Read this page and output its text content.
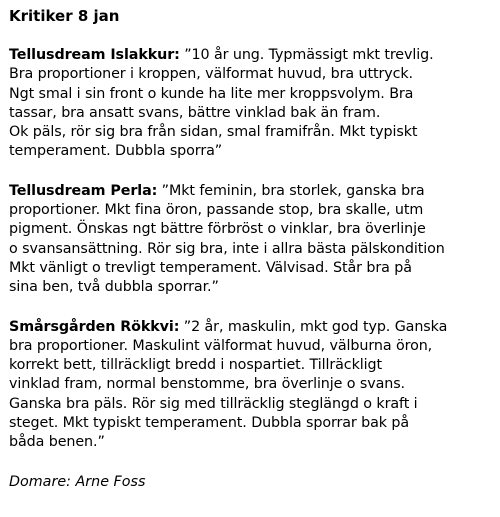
Kritiker 8 jan
Tellusdream Islakkur: ”10 år ung. Typmässigt mkt trevlig.
Bra proportioner i kroppen, välformat huvud, bra uttryck.
Ngt smal i sin front o kunde ha lite mer kroppsvolym. Bra
tassar, bra ansatt svans, bättre vinklad bak än fram.
Ok päls, rör sig bra från sidan, smal framifrån. Mkt typiskt
temperament. Dubbla sporra”
Tellusdream Perla: ”Mkt feminin, bra storlek, ganska bra
proportioner. Mkt fina öron, passande stop, bra skalle, utm
pigment. Önskas ngt bättre förbröst o vinklar, bra överlinje
o svansansättning. Rör sig bra, inte i allra bästa pälskondition
Mkt vänligt o trevligt temperament. Välvisad. Står bra på
sina ben, två dubbla sporrar.”
Smårsgården Rökkvi: ”2 år, maskulin, mkt god typ. Ganska
bra proportioner. Maskulint välformat huvud, välburna öron,
korrekt bett, tillräckligt bredd i nospartiet. Tillräckligt
vinklad fram, normal benstomme, bra överlinje o svans.
Ganska bra päls. Rör sig med tillräcklig steglängd o kraft i
steget. Mkt typiskt temperament. Dubbla sporrar bak på
båda benen.”
Domare: Arne Foss
